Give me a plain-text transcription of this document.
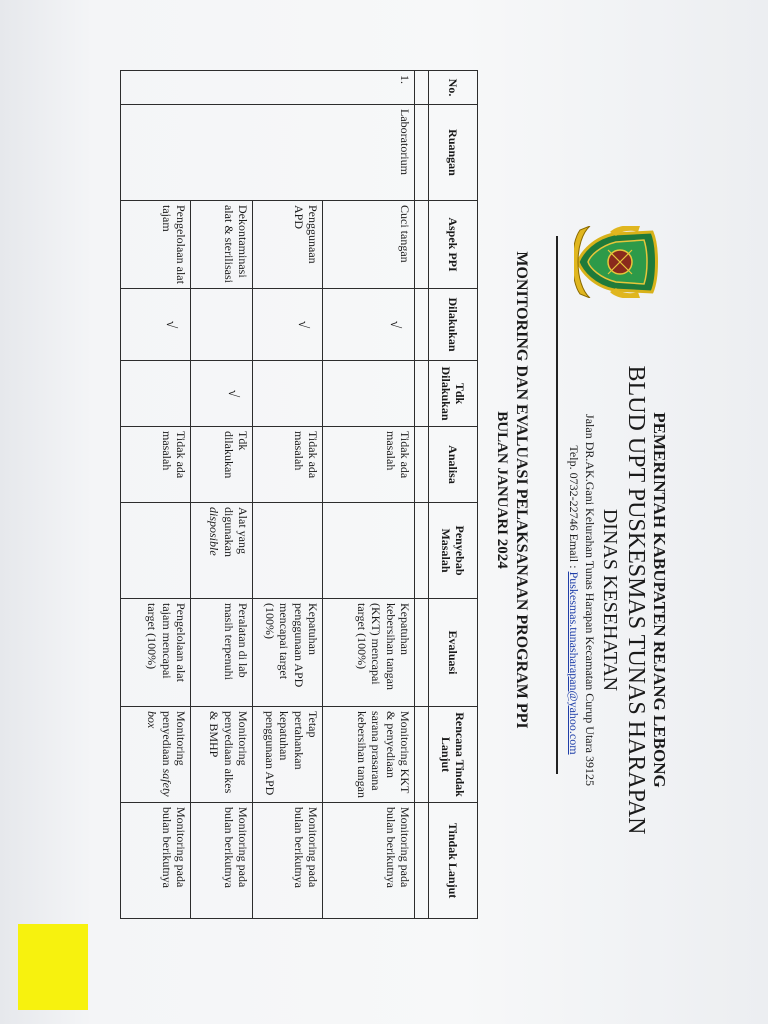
PEMERINTAH KABUPATEN REJANG LEBONG
BLUD UPT PUSKESMAS TUNAS HARAPAN
DINAS KESEHATAN
Jalan DR.AK.Gani Kelurahan Tunas Harapan Kecamatan Curup Utara 39125
Telp. 0732-22746 Email : Puskesmas.tunasharapan@yahoo.com
MONITORING DAN EVALUASI PELAKSANAAN PROGRAM PPI
BULAN JANUARI 2024
No.	Ruangan	Aspek PPI	Dilakukan	Tdk Dilakukan	Analisa	Penyebab Masalah	Evaluasi	Rencana Tindak Lanjut	Tindak Lanjut

1.	Laboratorium	Cuci tangan	√		Tidak ada masalah		Kepatuhan kebersihan tangan (KKT) mencapai target (100%)	Monitoring KKT & penyediaan sarana prasarana kebersihan tangan	Monitoring pada bulan berikutnya
		Penggunaan APD	√		Tidak ada masalah		Kepatuhan penggunaan APD mencapai target (100%)	Tetap pertahankan kepatuhan penggunaan APD	Monitoring pada bulan berikutnya
		Dekontaminasi alat & sterilisasi		√	Tdk dilakukan	Alat yang digunakan disposible	Peralatan di lab masih terpenuhi	Monitoring penyediaan alkes & BMHP	Monitoring pada bulan berikutnya
		Pengelolaan alat tajam	√		Tidak ada masalah		Pengelolaan alat tajam mencapai target (100%)	Monitoring penyediaan safety box	Monitoring pada bulan berikutnya
